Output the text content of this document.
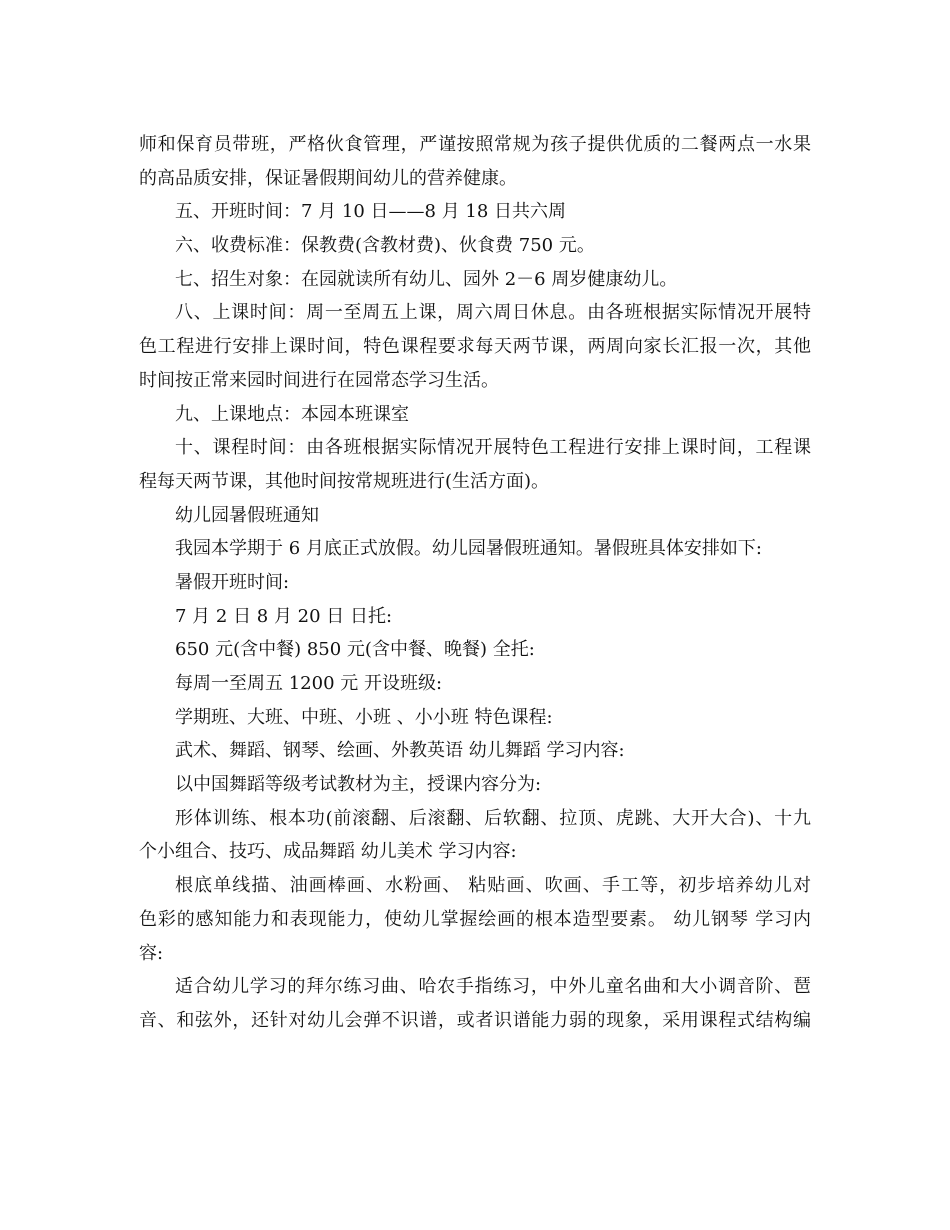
师和保育员带班，严格伙食管理，严谨按照常规为孩子提供优质的二餐两点一水果
的高品质安排，保证暑假期间幼儿的营养健康。
五、开班时间：7 月 10 日——8 月 18 日共六周
六、收费标准：保教费(含教材费)、伙食费 750 元。
七、招生对象：在园就读所有幼儿、园外 2－6 周岁健康幼儿。
八、上课时间：周一至周五上课，周六周日休息。由各班根据实际情况开展特
色工程进行安排上课时间，特色课程要求每天两节课，两周向家长汇报一次，其他
时间按正常来园时间进行在园常态学习生活。
九、上课地点：本园本班课室
十、课程时间：由各班根据实际情况开展特色工程进行安排上课时间，工程课
程每天两节课，其他时间按常规班进行(生活方面)。
幼儿园暑假班通知
我园本学期于 6 月底正式放假。幼儿园暑假班通知。暑假班具体安排如下:
暑假开班时间:
7 月 2 日 8 月 20 日 日托:
650 元(含中餐) 850 元(含中餐、晚餐) 全托:
每周一至周五 1200 元 开设班级:
学期班、大班、中班、小班 、小小班 特色课程:
武术、舞蹈、钢琴、绘画、外教英语 幼儿舞蹈 学习内容:
以中国舞蹈等级考试教材为主，授课内容分为:
形体训练、根本功(前滚翻、后滚翻、后软翻、拉顶、虎跳、大开大合)、十九
个小组合、技巧、成品舞蹈 幼儿美术 学习内容:
根底单线描、油画棒画、水粉画、 粘贴画、吹画、手工等，初步培养幼儿对
色彩的感知能力和表现能力，使幼儿掌握绘画的根本造型要素。 幼儿钢琴 学习内
容:
适合幼儿学习的拜尔练习曲、哈农手指练习，中外儿童名曲和大小调音阶、琶
音、和弦外，还针对幼儿会弹不识谱，或者识谱能力弱的现象，采用课程式结构编
